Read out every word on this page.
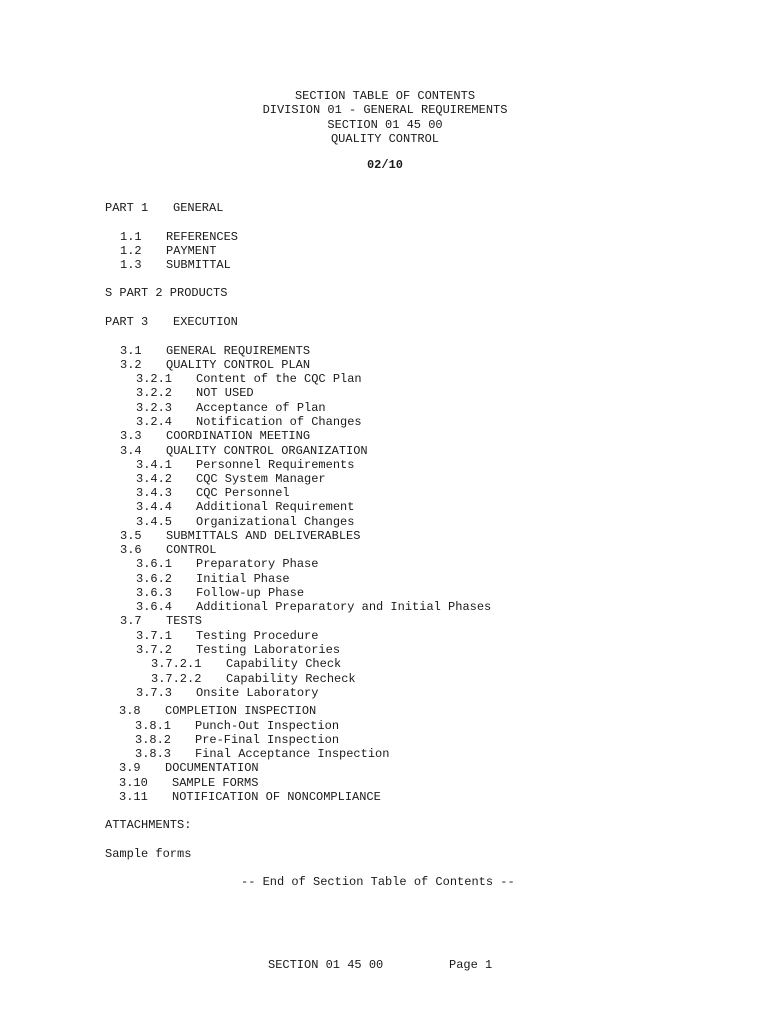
SECTION TABLE OF CONTENTS
DIVISION 01 - GENERAL REQUIREMENTS
SECTION 01 45 00
QUALITY CONTROL
02/10
PART 1 GENERAL
1.1 REFERENCES
1.2 PAYMENT
1.3 SUBMITTAL
S PART 2 PRODUCTS
PART 3 EXECUTION
3.1 GENERAL REQUIREMENTS
3.2 QUALITY CONTROL PLAN
3.2.1 Content of the CQC Plan
3.2.2 NOT USED
3.2.3 Acceptance of Plan
3.2.4 Notification of Changes
3.3 COORDINATION MEETING
3.4 QUALITY CONTROL ORGANIZATION
3.4.1 Personnel Requirements
3.4.2 CQC System Manager
3.4.3 CQC Personnel
3.4.4 Additional Requirement
3.4.5 Organizational Changes
3.5 SUBMITTALS AND DELIVERABLES
3.6 CONTROL
3.6.1 Preparatory Phase
3.6.2 Initial Phase
3.6.3 Follow-up Phase
3.6.4 Additional Preparatory and Initial Phases
3.7 TESTS
3.7.1 Testing Procedure
3.7.2 Testing Laboratories
3.7.2.1 Capability Check
3.7.2.2 Capability Recheck
3.7.3 Onsite Laboratory
3.8 COMPLETION INSPECTION
3.8.1 Punch-Out Inspection
3.8.2 Pre-Final Inspection
3.8.3 Final Acceptance Inspection
3.9 DOCUMENTATION
3.10 SAMPLE FORMS
3.11 NOTIFICATION OF NONCOMPLIANCE
ATTACHMENTS:
Sample forms
-- End of Section Table of Contents --
SECTION 01 45 00	Page 1
